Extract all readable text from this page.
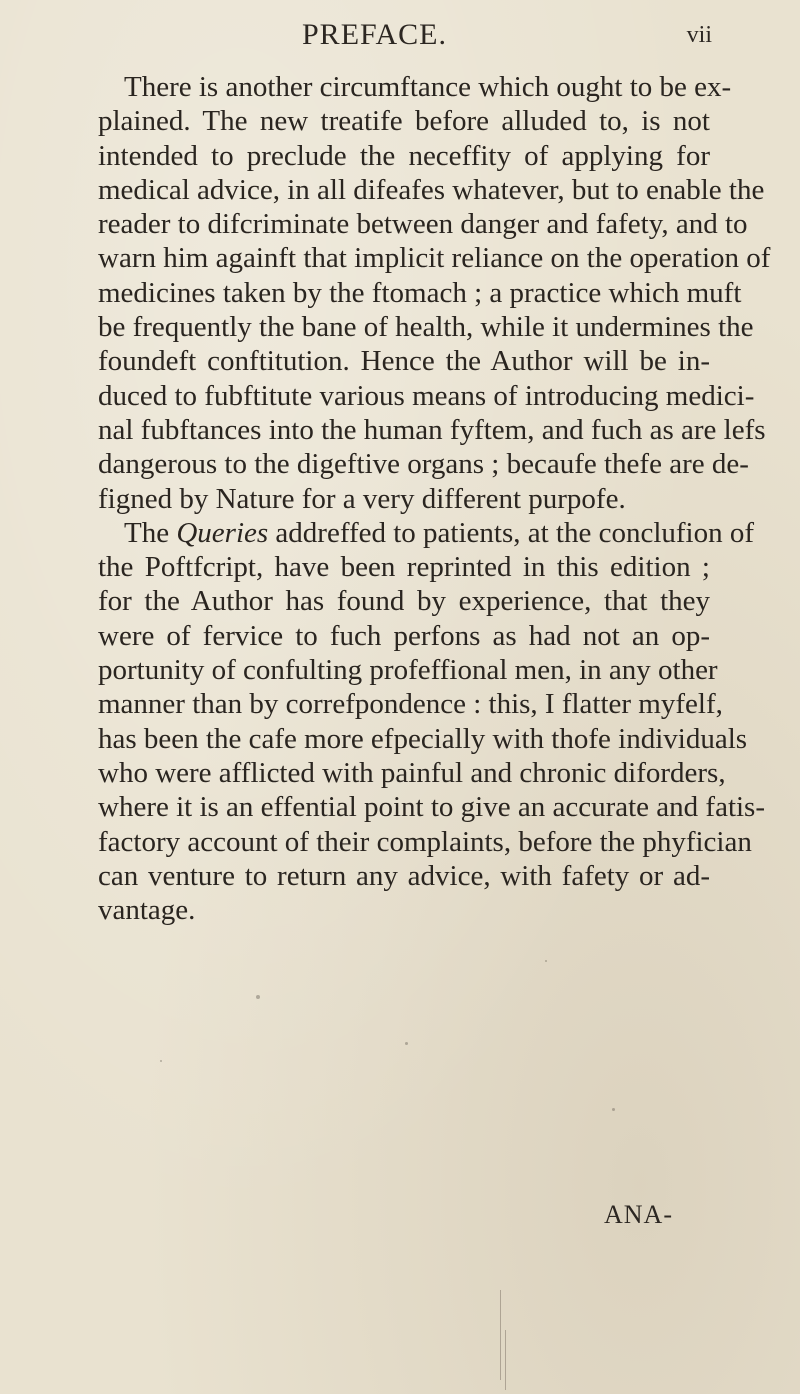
PREFACE.	vii
There is another circumftance which ought to be ex-
plained. The new treatife before alluded to, is not
intended to preclude the neceffity of applying for
medical advice, in all difeafes whatever, but to enable the
reader to difcriminate between danger and fafety, and to
warn him againft that implicit reliance on the operation of
medicines taken by the ftomach ; a practice which muft
be frequently the bane of health, while it undermines the
foundeft conftitution. Hence the Author will be in-
duced to fubftitute various means of introducing medici-
nal fubftances into the human fyftem, and fuch as are lefs
dangerous to the digeftive organs ; becaufe thefe are de-
figned by Nature for a very different purpofe.
The Queries addreffed to patients, at the conclufion of
the Poftfcript, have been reprinted in this edition ;
for the Author has found by experience, that they
were of fervice to fuch perfons as had not an op-
portunity of confulting profeffional men, in any other
manner than by correfpondence : this, I flatter myfelf,
has been the cafe more efpecially with thofe individuals
who were afflicted with painful and chronic diforders,
where it is an effential point to give an accurate and fatis-
factory account of their complaints, before the phyfician
can venture to return any advice, with fafety or ad-
vantage.
ANA-
